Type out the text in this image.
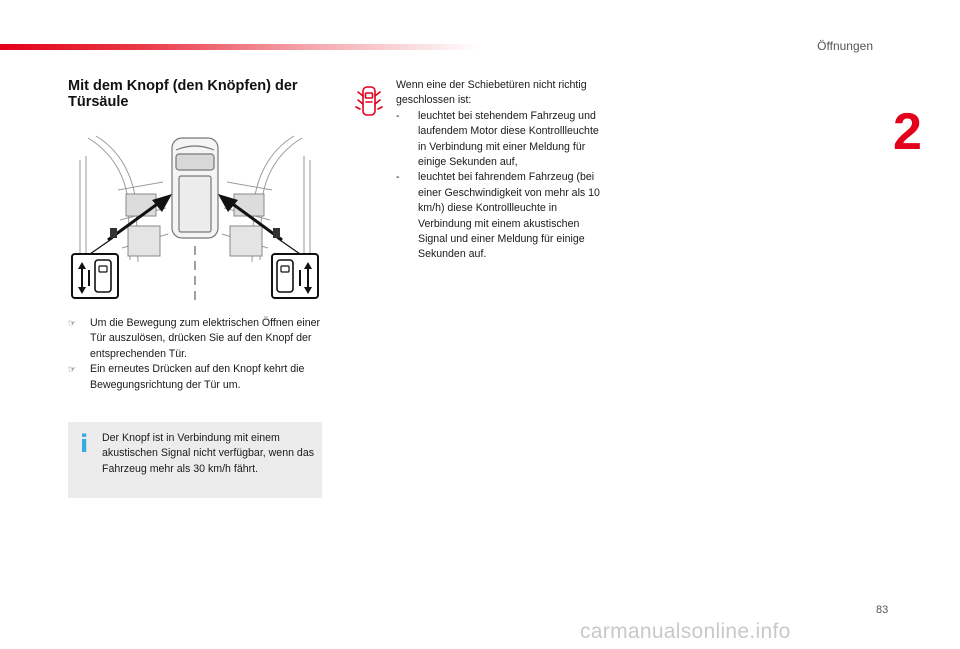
Öffnungen
2
Mit dem Knopf (den Knöpfen) der Türsäule
☞ Um die Bewegung zum elektrischen Öffnen einer Tür auszulösen, drücken Sie auf den Knopf der entsprechenden Tür.
☞ Ein erneutes Drücken auf den Knopf kehrt die Bewegungsrichtung der Tür um.
i Der Knopf ist in Verbindung mit einem akustischen Signal nicht verfügbar, wenn das Fahrzeug mehr als 30 km/h fährt.
Wenn eine der Schiebetüren nicht richtig geschlossen ist:
- leuchtet bei stehendem Fahrzeug und laufendem Motor diese Kontrollleuchte in Verbindung mit einer Meldung für einige Sekunden auf,
- leuchtet bei fahrendem Fahrzeug (bei einer Geschwindigkeit von mehr als 10 km/h) diese Kontrollleuchte in Verbindung mit einem akustischen Signal und einer Meldung für einige Sekunden auf.
83
carmanualsonline.info
